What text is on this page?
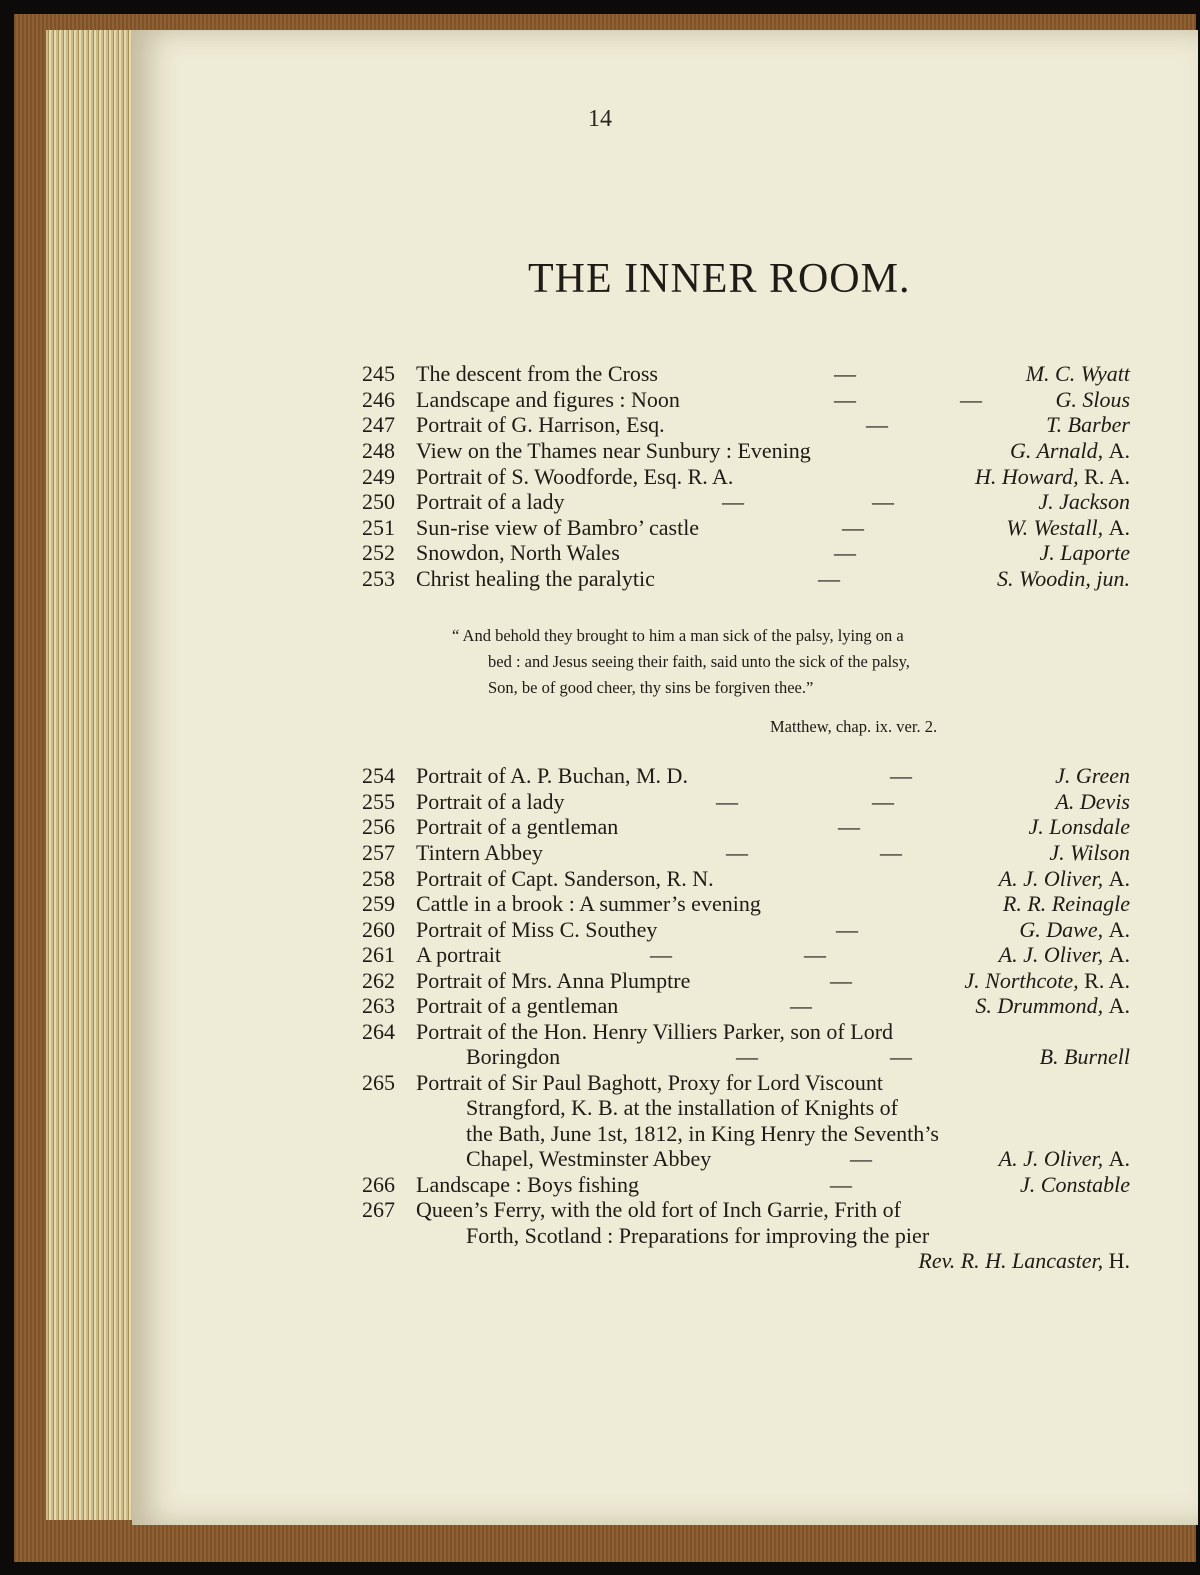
14
THE INNER ROOM.
245 The descent from the Cross	—	M. C. Wyatt
246 Landscape and figures : Noon	—	—	G. Slous
247 Portrait of G. Harrison, Esq.	—	T. Barber
248 View on the Thames near Sunbury : Evening	G. Arnald, A.
249 Portrait of S. Woodforde, Esq. R. A.	H. Howard, R. A.
250 Portrait of a lady	—	—	J. Jackson
251 Sun-rise view of Bambro’ castle	—	W. Westall, A.
252 Snowdon, North Wales	—	J. Laporte
253 Christ healing the paralytic	—	S. Woodin, jun.
“ And behold they brought to him a man sick of the palsy, lying on a
bed : and Jesus seeing their faith, said unto the sick of the palsy,
Son, be of good cheer, thy sins be forgiven thee.”
Matthew, chap. ix. ver. 2.
254 Portrait of A. P. Buchan, M. D.	—	J. Green
255 Portrait of a lady	—	—	A. Devis
256 Portrait of a gentleman	—	J. Lonsdale
257 Tintern Abbey	—	—	J. Wilson
258 Portrait of Capt. Sanderson, R. N.	A. J. Oliver, A.
259 Cattle in a brook : A summer’s evening	R. R. Reinagle
260 Portrait of Miss C. Southey	—	G. Dawe, A.
261 A portrait	—	—	A. J. Oliver, A.
262 Portrait of Mrs. Anna Plumptre	—	J. Northcote, R. A.
263 Portrait of a gentleman	—	S. Drummond, A.
264 Portrait of the Hon. Henry Villiers Parker, son of Lord
Boringdon	—	—	B. Burnell
265 Portrait of Sir Paul Baghott, Proxy for Lord Viscount
Strangford, K. B. at the installation of Knights of
the Bath, June 1st, 1812, in King Henry the Seventh’s
Chapel, Westminster Abbey	—	A. J. Oliver, A.
266 Landscape : Boys fishing	—	J. Constable
267 Queen’s Ferry, with the old fort of Inch Garrie, Frith of
Forth, Scotland : Preparations for improving the pier
Rev. R. H. Lancaster, H.
